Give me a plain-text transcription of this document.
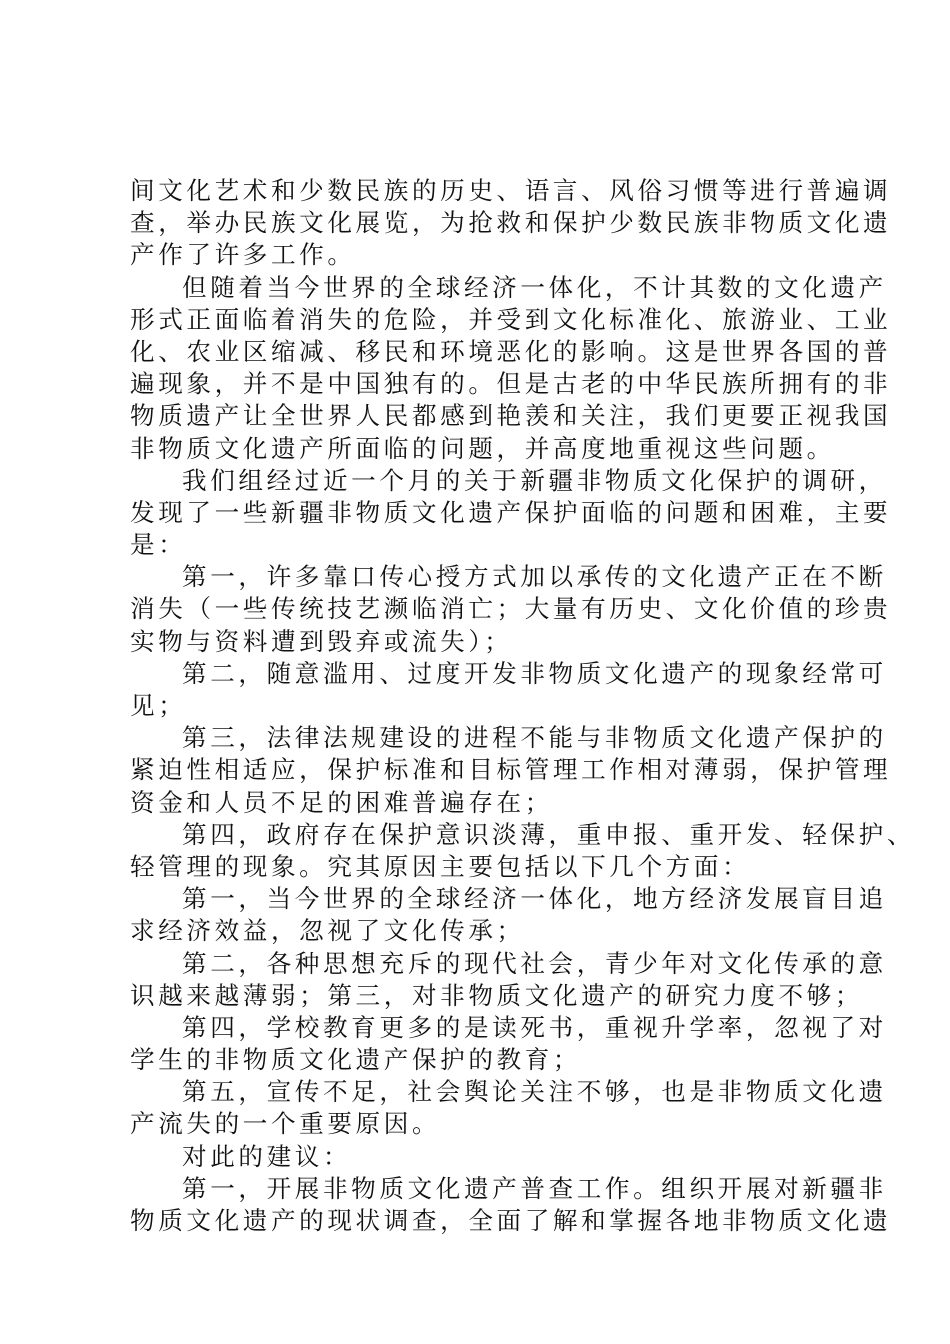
间文化艺术和少数民族的历史、语言、风俗习惯等进行普遍调
查，举办民族文化展览，为抢救和保护少数民族非物质文化遗
产作了许多工作。
但随着当今世界的全球经济一体化，不计其数的文化遗产
形式正面临着消失的危险，并受到文化标准化、旅游业、工业
化、农业区缩减、移民和环境恶化的影响。这是世界各国的普
遍现象，并不是中国独有的。但是古老的中华民族所拥有的非
物质遗产让全世界人民都感到艳羡和关注，我们更要正视我国
非物质文化遗产所面临的问题，并高度地重视这些问题。
我们组经过近一个月的关于新疆非物质文化保护的调研，
发现了一些新疆非物质文化遗产保护面临的问题和困难，主要
是：
第一，许多靠口传心授方式加以承传的文化遗产正在不断
消失（一些传统技艺濒临消亡；大量有历史、文化价值的珍贵
实物与资料遭到毁弃或流失）；
第二，随意滥用、过度开发非物质文化遗产的现象经常可
见；
第三，法律法规建设的进程不能与非物质文化遗产保护的
紧迫性相适应，保护标准和目标管理工作相对薄弱，保护管理
资金和人员不足的困难普遍存在；
第四，政府存在保护意识淡薄，重申报、重开发、轻保护、
轻管理的现象。究其原因主要包括以下几个方面：
第一，当今世界的全球经济一体化，地方经济发展盲目追
求经济效益，忽视了文化传承；
第二，各种思想充斥的现代社会，青少年对文化传承的意
识越来越薄弱；第三，对非物质文化遗产的研究力度不够；
第四，学校教育更多的是读死书，重视升学率，忽视了对
学生的非物质文化遗产保护的教育；
第五，宣传不足，社会舆论关注不够，也是非物质文化遗
产流失的一个重要原因。
对此的建议：
第一，开展非物质文化遗产普查工作。组织开展对新疆非
物质文化遗产的现状调查，全面了解和掌握各地非物质文化遗
